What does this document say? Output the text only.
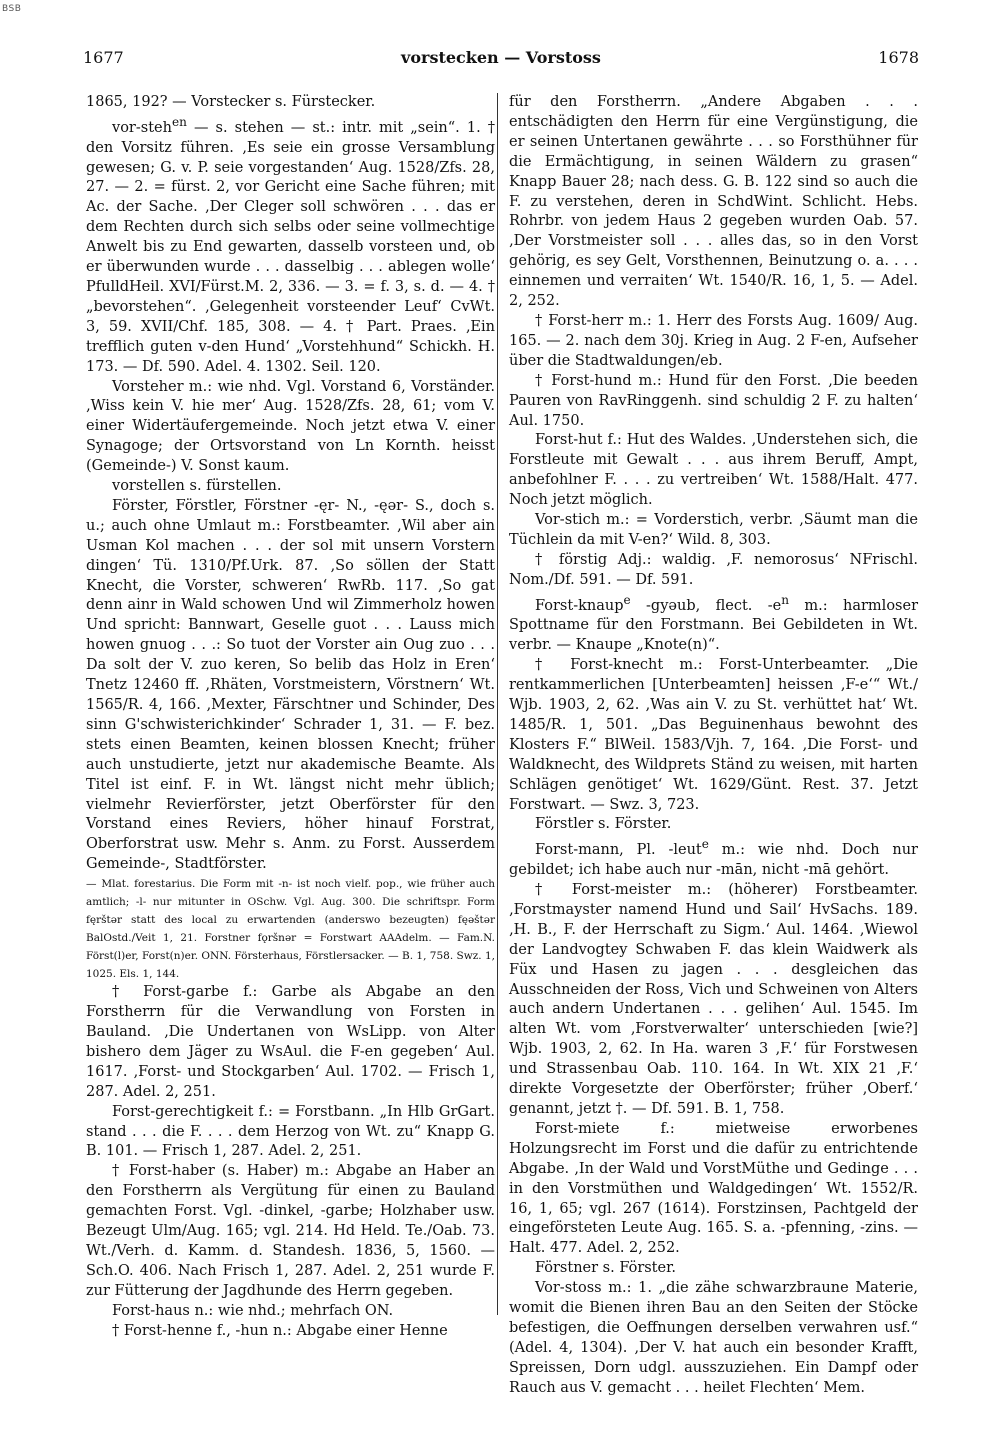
BSB
1677	vorstecken — Vorstoss	1678

1865, 192? — Vorstecker s. Fürstecker.

vor-steh$^{en}$ — s. stehen — st.: intr. mit „sein“. 1. † den Vorsitz führen. ‚Es seie ein grosse Versamblung gewesen; G. v. P. seie vorgestanden‘ Aug. 1528/Zfs. 28, 27. — 2. = fürst. 2, vor Gericht eine Sache führen; mit Ac. der Sache. ‚Der Cleger soll schwören . . . das er dem Rechten durch sich selbs oder seine vollmechtige Anwelt bis zu End gewarten, dasselb vorsteen und, ob er überwunden wurde . . . dasselbig . . . ablegen wolle‘ PfulldHeil. XVI/Fürst.M. 2, 336. — 3. = f. 3, s. d. — 4. † „bevorstehen“. ‚Gelegenheit vorsteender Leuf‘ CvWt. 3, 59. XVII/Chf. 185, 308. — 4. † Part. Praes. ‚Ein trefflich guten v-den Hund‘ „Vorstehhund“ Schickh. H. 173. — Df. 590. Adel. 4. 1302. Seil. 120.

Vorsteher m.: wie nhd. Vgl. Vorstand 6, Vorständer. ‚Wiss kein V. hie mer‘ Aug. 1528/Zfs. 28, 61; vom V. einer Widertäufergemeinde. Noch jetzt etwa V. einer Synagoge; der Ortsvorstand von Ln Kornth. heisst (Gemeinde-) V. Sonst kaum.

vorstellen s. fürstellen.

Förster, Förstler, Förstner -ęr- N., -ęər- S., doch s. u.; auch ohne Umlaut m.: Forstbeamter. ‚Wil aber ain Usman Kol machen . . . der sol mit unsern Vorstern dingen‘ Tü. 1310/Pf.Urk. 87. ‚So söllen der Statt Knecht, die Vorster, schweren‘ RwRb. 117. ‚So gat denn ainr in Wald schowen Und wil Zimmerholz howen Und spricht: Bannwart, Geselle guot . . . Lauss mich howen gnuog . . .: So tuot der Vorster ain Oug zuo . . . Da solt der V. zuo keren, So belib das Holz in Eren‘ Tnetz 12460 ff. ‚Rhäten, Vorstmeistern, Vörstnern‘ Wt. 1565/R. 4, 166. ‚Mexter, Färschtner und Schinder, Des sinn G'schwisterichkinder‘ Schrader 1, 31. — F. bez. stets einen Beamten, keinen blossen Knecht; früher auch unstudierte, jetzt nur akademische Beamte. Als Titel ist einf. F. in Wt. längst nicht mehr üblich; vielmehr Revierförster, jetzt Oberförster für den Vorstand eines Reviers, höher hinauf Forstrat, Oberforstrat usw. Mehr s. Anm. zu Forst. Ausserdem Gemeinde-, Stadtförster.

— Mlat. forestarius. Die Form mit -n- ist noch vielf. pop., wie früher auch amtlich; -l- nur mitunter in OSchw. Vgl. Aug. 300. Die schriftspr. Form fęrštər statt des local zu erwartenden (anderswo bezeugten) fęəštər BalOstd./Veit 1, 21. Forstner fǫršnər = Forstwart AAAdelm. — Fam.N. Först(l)er, Forst(n)er. ONN. Försterhaus, Förstlersacker. — B. 1, 758. Swz. 1, 1025. Els. 1, 144.

† Forst-garbe f.: Garbe als Abgabe an den Forstherrn für die Verwandlung von Forsten in Bauland. ‚Die Undertanen von WsLipp. von Alter bishero dem Jäger zu WsAul. die F-en gegeben‘ Aul. 1617. ‚Forst- und Stockgarben‘ Aul. 1702. — Frisch 1, 287. Adel. 2, 251.

Forst-gerechtigkeit f.: = Forstbann. „In Hlb GrGart. stand . . . die F. . . . dem Herzog von Wt. zu“ Knapp G. B. 101. — Frisch 1, 287. Adel. 2, 251.

† Forst-haber (s. Haber) m.: Abgabe an Haber an den Forstherrn als Vergütung für einen zu Bauland gemachten Forst. Vgl. -dinkel, -garbe; Holzhaber usw. Bezeugt Ulm/Aug. 165; vgl. 214. Hd Held. Te./Oab. 73. Wt./Verh. d. Kamm. d. Standesh. 1836, 5, 1560. — Sch.O. 406. Nach Frisch 1, 287. Adel. 2, 251 wurde F. zur Fütterung der Jagdhunde des Herrn gegeben.

Forst-haus n.: wie nhd.; mehrfach ON.

† Forst-henne f., -hun n.: Abgabe einer Henne

für den Forstherrn. „Andere Abgaben . . . entschädigten den Herrn für eine Vergünstigung, die er seinen Untertanen gewährte . . . so Forsthühner für die Ermächtigung, in seinen Wäldern zu grasen“ Knapp Bauer 28; nach dess. G. B. 122 sind so auch die F. zu verstehen, deren in SchdWint. Schlicht. Hebs. Rohrbr. von jedem Haus 2 gegeben wurden Oab. 57. ‚Der Vorstmeister soll . . . alles das, so in den Vorst gehörig, es sey Gelt, Vorsthennen, Beinutzung o. a. . . . einnemen und verraiten‘ Wt. 1540/R. 16, 1, 5. — Adel. 2, 252.

† Forst-herr m.: 1. Herr des Forsts Aug. 1609/ Aug. 165. — 2. nach dem 30j. Krieg in Aug. 2 F-en, Aufseher über die Stadtwaldungen/eb.

† Forst-hund m.: Hund für den Forst. ‚Die beeden Pauren von RavRinggenh. sind schuldig 2 F. zu halten‘ Aul. 1750.

Forst-hut f.: Hut des Waldes. ‚Understehen sich, die Forstleute mit Gewalt . . . aus ihrem Beruff, Ampt, anbefohlner F. . . . zu vertreiben‘ Wt. 1588/Halt. 477. Noch jetzt möglich.

Vor-stich m.: = Vorderstich, verbr. ‚Säumt man die Tüchlein da mit V-en?‘ Wild. 8, 303.

† förstig Adj.: waldig. ‚F. nemorosus‘ NFrischl. Nom./Df. 591. — Df. 591.

Forst-knaup$^e$ -gyəub, flect. $-e^n$ m.: harmloser Spottname für den Forstmann. Bei Gebildeten in Wt. verbr. — Knaupe „Knote(n)“.

† Forst-knecht m.: Forst-Unterbeamter. „Die rentkammerlichen [Unterbeamten] heissen ‚F-e‘“ Wt./ Wjb. 1903, 2, 62. ‚Was ain V. zu St. verhüttet hat‘ Wt. 1485/R. 1, 501. „Das Beguinenhaus bewohnt des Klosters F.“ BlWeil. 1583/Vjh. 7, 164. ‚Die Forst- und Waldknecht, des Wildprets Ständ zu weisen, mit harten Schlägen genötiget‘ Wt. 1629/Günt. Rest. 37. Jetzt Forstwart. — Swz. 3, 723.

Förstler s. Förster.

Forst-mann, Pl. -leut$^e$ m.: wie nhd. Doch nur gebildet; ich habe auch nur -mān, nicht -mā gehört.

† Forst-meister m.: (höherer) Forstbeamter. ‚Forstmayster namend Hund und Sail‘ HvSachs. 189. ‚H. B., F. der Herrschaft zu Sigm.‘ Aul. 1464. ‚Wiewol der Landvogtey Schwaben F. das klein Waidwerk als Füx und Hasen zu jagen . . . desgleichen das Ausschneiden der Ross, Vich und Schweinen von Alters auch andern Undertanen . . . gelihen‘ Aul. 1545. Im alten Wt. vom ‚Forstverwalter‘ unterschieden [wie?] Wjb. 1903, 2, 62. In Ha. waren 3 ‚F.‘ für Forstwesen und Strassenbau Oab. 110. 164. In Wt. XIX 21 ‚F.‘ direkte Vorgesetzte der Oberförster; früher ‚Oberf.‘ genannt, jetzt †. — Df. 591. B. 1, 758.

Forst-miete f.: mietweise erworbenes Holzungsrecht im Forst und die dafür zu entrichtende Abgabe. ‚In der Wald und VorstMüthe und Gedinge . . . in den Vorstmüthen und Waldgedingen‘ Wt. 1552/R. 16, 1, 65; vgl. 267 (1614). Forstzinsen, Pachtgeld der eingeförsteten Leute Aug. 165. S. a. -pfenning, -zins. — Halt. 477. Adel. 2, 252.

Förstner s. Förster.

Vor-stoss m.: 1. „die zähe schwarzbraune Materie, womit die Bienen ihren Bau an den Seiten der Stöcke befestigen, die Oeffnungen derselben verwahren usf.“ (Adel. 4, 1304). ‚Der V. hat auch ein besonder Krafft, Spreissen, Dorn udgl. ausszuziehen. Ein Dampf oder Rauch aus V. gemacht . . . heilet Flechten‘ Mem.
